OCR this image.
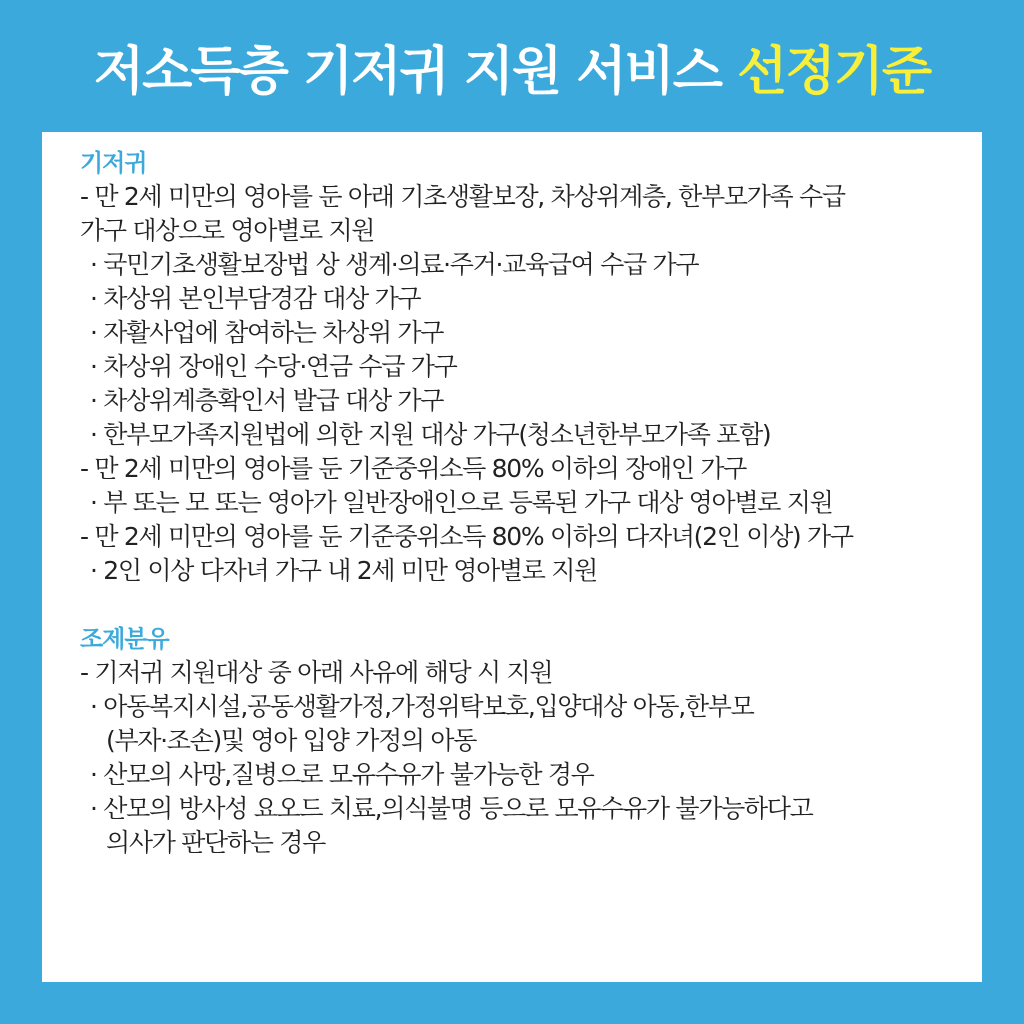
저소득층 기저귀 지원 서비스 선정기준
기저귀
- 만 2세 미만의 영아를 둔 아래 기초생활보장, 차상위계층, 한부모가족 수급
가구 대상으로 영아별로 지원
· 국민기초생활보장법 상 생계·의료·주거·교육급여 수급 가구
· 차상위 본인부담경감 대상 가구
· 자활사업에 참여하는 차상위 가구
· 차상위 장애인 수당·연금 수급 가구
· 차상위계층확인서 발급 대상 가구
· 한부모가족지원법에 의한 지원 대상 가구(청소년한부모가족 포함)
- 만 2세 미만의 영아를 둔 기준중위소득 80% 이하의 장애인 가구
· 부 또는 모 또는 영아가 일반장애인으로 등록된 가구 대상 영아별로 지원
- 만 2세 미만의 영아를 둔 기준중위소득 80% 이하의 다자녀(2인 이상) 가구
· 2인 이상 다자녀 가구 내 2세 미만 영아별로 지원
조제분유
- 기저귀 지원대상 중 아래 사유에 해당 시 지원
· 아동복지시설,공동생활가정,가정위탁보호,입양대상 아동,한부모
(부자·조손)및 영아 입양 가정의 아동
· 산모의 사망,질병으로 모유수유가 불가능한 경우
· 산모의 방사성 요오드 치료,의식불명 등으로 모유수유가 불가능하다고
의사가 판단하는 경우
